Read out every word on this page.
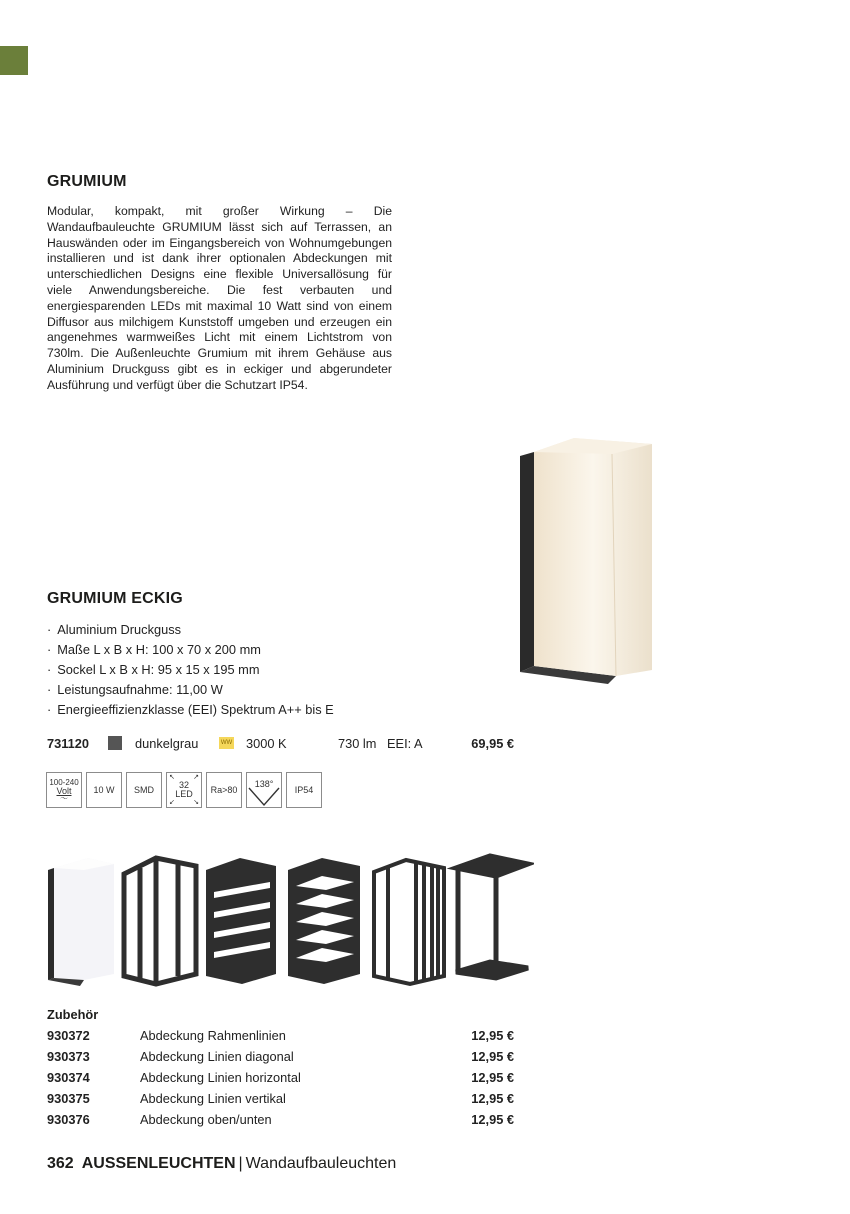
GRUMIUM

Modular, kompakt, mit großer Wirkung – Die Wandaufbauleuchte GRUMIUM lässt sich auf Terrassen, an Hauswänden oder im Eingangsbereich von Wohnumgebungen installieren und ist dank ihrer optionalen Abdeckungen mit unterschiedlichen Designs eine flexible Universallösung für viele Anwendungsbereiche. Die fest verbauten und energiesparenden LEDs mit maximal 10 Watt sind von einem Diffusor aus milchigem Kunststoff umgeben und erzeugen ein angenehmes warmweißes Licht mit einem Lichtstrom von 730lm. Die Außenleuchte Grumium mit ihrem Gehäuse aus Aluminium Druckguss gibt es in eckiger und abgerundeter Ausführung und verfügt über die Schutzart IP54.

GRUMIUM ECKIG
· Aluminium Druckguss
· Maße L x B x H: 100 x 70 x 200 mm
· Sockel L x B x H: 95 x 15 x 195 mm
· Leistungsaufnahme: 11,00 W
· Energieeffizienzklasse (EEI) Spektrum A++ bis E
731120	dunkelgrau	WW 3000 K	730 lm EEI: A	69,95 €
100-240
Volt
～
10 W SMD
↖	↗
↙	↘
32
LED Ra>80
138°
IP54
Zubehör
930372	Abdeckung Rahmenlinien	12,95 €
930373	Abdeckung Linien diagonal	12,95 €
930374	Abdeckung Linien horizontal	12,95 €
930375	Abdeckung Linien vertikal	12,95 €
930376	Abdeckung oben/unten	12,95 €
362 AUSSENLEUCHTEN | Wandaufbauleuchten
